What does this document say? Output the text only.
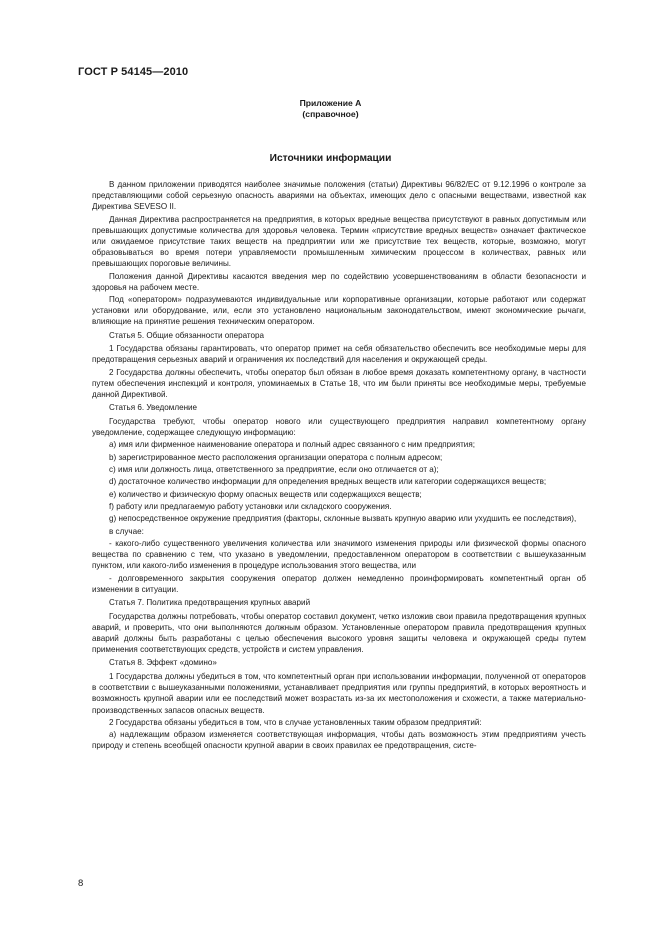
ГОСТ Р 54145—2010
Приложение А
(справочное)
Источники информации

В данном приложении приводятся наиболее значимые положения (статьи) Директивы 96/82/ЕС от 9.12.1996 о контроле за представляющими собой серьезную опасность авариями на объектах, имеющих дело с опасными веществами, известной как Директива SEVESO II.

Данная Директива распространяется на предприятия, в которых вредные вещества присутствуют в равных допустимым или превышающих допустимые количества для здоровья человека. Термин «присутствие вредных веществ» означает фактическое или ожидаемое присутствие таких веществ на предприятии или же присутствие тех веществ, которые, возможно, могут образовываться во время потери управляемости промышленным химическим процессом в количествах, равных или превышающих пороговые величины.

Положения данной Директивы касаются введения мер по содействию усовершенствованиям в области безопасности и здоровья на рабочем месте.

Под «оператором» подразумеваются индивидуальные или корпоративные организации, которые работают или содержат установки или оборудование, или, если это установлено национальным законодательством, имеют экономические рычаги, влияющие на принятие решения техническим оператором.

Статья 5. Общие обязанности оператора

1 Государства обязаны гарантировать, что оператор примет на себя обязательство обеспечить все необходимые меры для предотвращения серьезных аварий и ограничения их последствий для населения и окружающей среды.

2 Государства должны обеспечить, чтобы оператор был обязан в любое время доказать компетентному органу, в частности путем обеспечения инспекций и контроля, упоминаемых в Статье 18, что им были приняты все необходимые меры, требуемые данной Директивой.

Статья 6. Уведомление

Государства требуют, чтобы оператор нового или существующего предприятия направил компетентному органу уведомление, содержащее следующую информацию:

а) имя или фирменное наименование оператора и полный адрес связанного с ним предприятия;

b) зарегистрированное место расположения организации оператора с полным адресом;

с) имя или должность лица, ответственного за предприятие, если оно отличается от а);

d) достаточное количество информации для определения вредных веществ или категории содержащихся веществ;

е) количество и физическую форму опасных веществ или содержащихся веществ;

f) работу или предлагаемую работу установки или складского сооружения.

g) непосредственное окружение предприятия (факторы, склонные вызвать крупную аварию или ухудшить ее последствия),

в случае:

- какого-либо существенного увеличения количества или значимого изменения природы или физической формы опасного вещества по сравнению с тем, что указано в уведомлении, предоставленном оператором в соответствии с вышеуказанным пунктом, или какого-либо изменения в процедуре использования этого вещества, или

- долговременного закрытия сооружения оператор должен немедленно проинформировать компетентный орган об изменении в ситуации.

Статья 7. Политика предотвращения крупных аварий

Государства должны потребовать, чтобы оператор составил документ, четко изложив свои правила предотвращения крупных аварий, и проверить, что они выполняются должным образом. Установленные оператором правила предотвращения крупных аварий должны быть разработаны с целью обеспечения высокого уровня защиты человека и окружающей среды путем применения соответствующих средств, устройств и систем управления.

Статья 8. Эффект «домино»

1 Государства должны убедиться в том, что компетентный орган при использовании информации, полученной от операторов в соответствии с вышеуказанными положениями, устанавливает предприятия или группы предприятий, в которых вероятность и возможность крупной аварии или ее последствий может возрастать из-за их местоположения и схожести, а также материально-производственных запасов опасных веществ.

2 Государства обязаны убедиться в том, что в случае установленных таким образом предприятий:

а) надлежащим образом изменяется соответствующая информация, чтобы дать возможность этим предприятиям учесть природу и степень всеобщей опасности крупной аварии в своих правилах ее предотвращения, систе-

8
